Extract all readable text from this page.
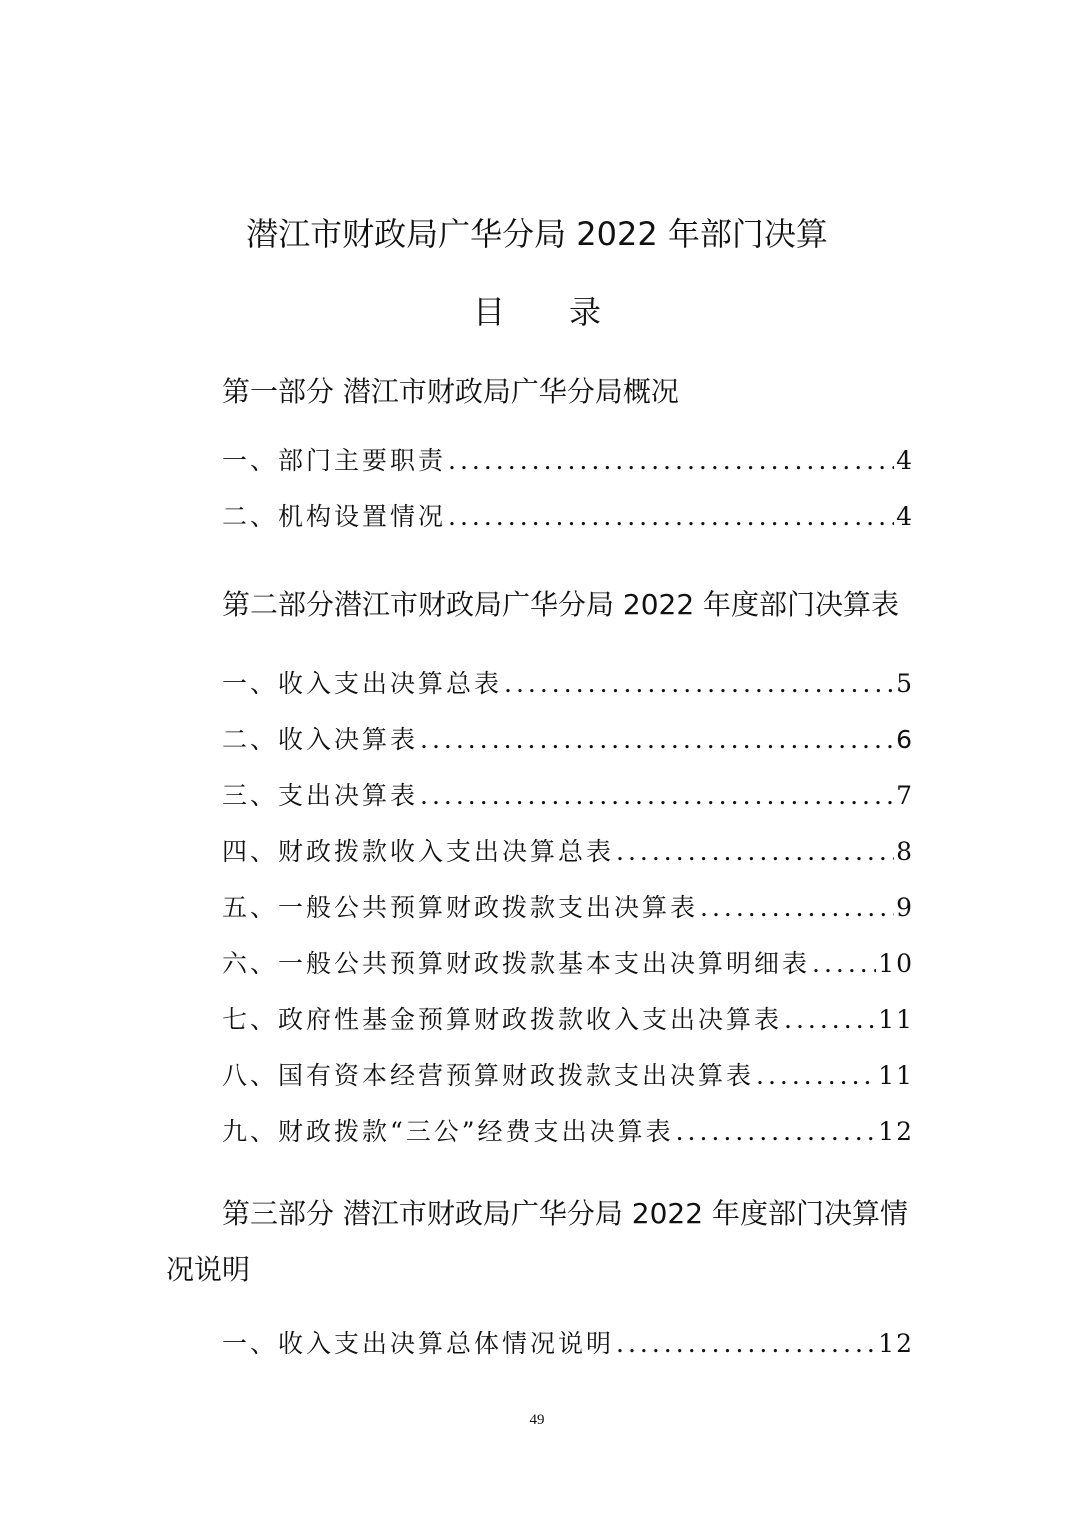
潜江市财政局广华分局 2022 年部门决算
目 录
第一部分 潜江市财政局广华分局概况
一、部门主要职责 .....	4
二、机构设置情况 .....	4
第二部分潜江市财政局广华分局 2022 年度部门决算表
一、收入支出决算总表 .....	5
二、收入决算表 .....	6
三、支出决算表 .....	7
四、财政拨款收入支出决算总表 .....	8
五、一般公共预算财政拨款支出决算表 .....	9
六、一般公共预算财政拨款基本支出决算明细表 .....	10
七、政府性基金预算财政拨款收入支出决算表 .....	11
八、国有资本经营预算财政拨款支出决算表 .....	11
九、财政拨款“三公”经费支出决算表 .....	12
第三部分 潜江市财政局广华分局 2022 年度部门决算情况说明
一、收入支出决算总体情况说明 .....	12
49
